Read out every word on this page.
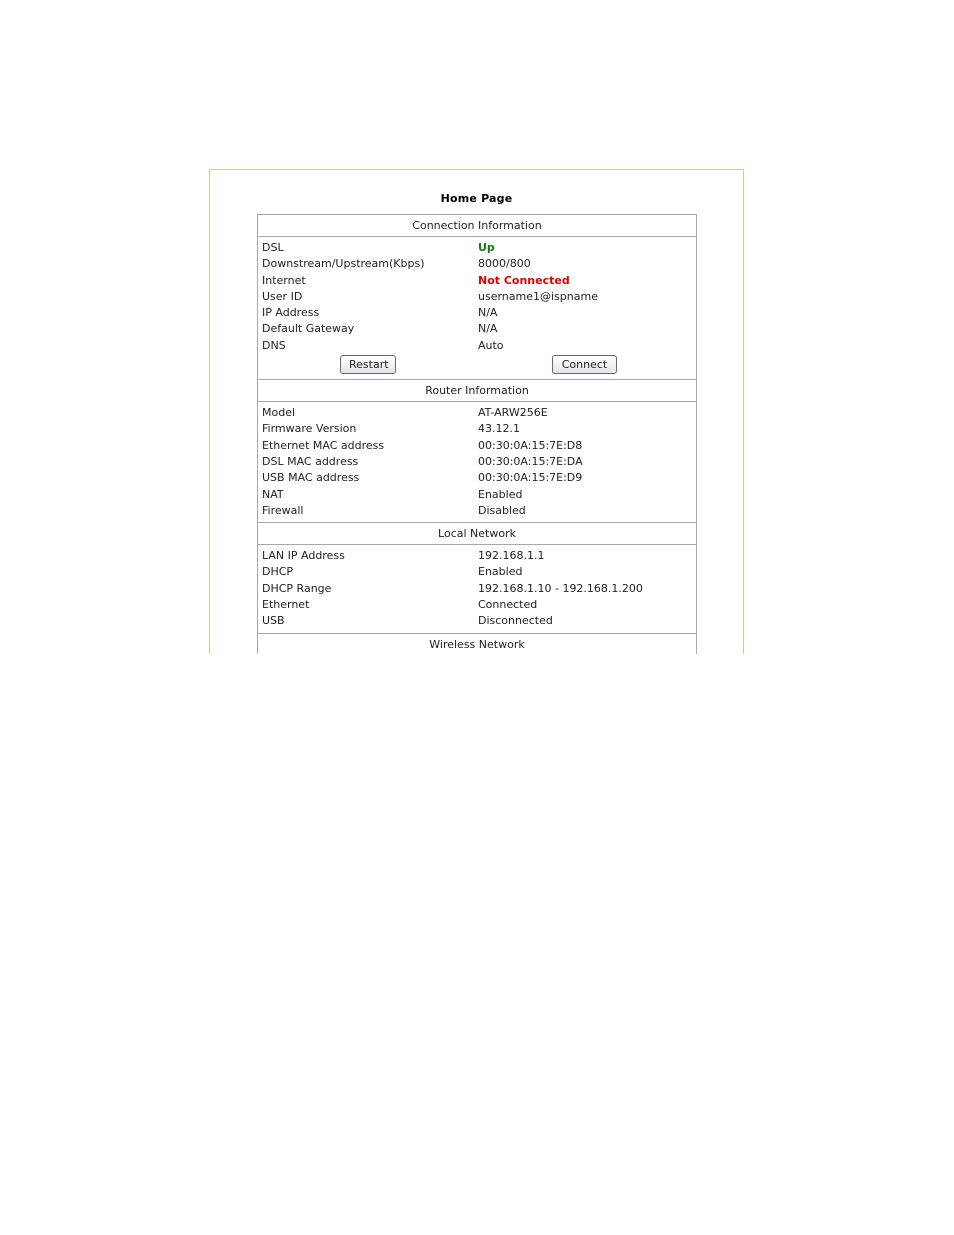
Home Page
Connection Information
DSL	Up
Downstream/Upstream(Kbps)	8000/800
Internet	Not Connected
User ID	username1@ispname
IP Address	N/A
Default Gateway	N/A
DNS	Auto
Restart	Connect
Router Information
Model	AT-ARW256E
Firmware Version	43.12.1
Ethernet MAC address	00:30:0A:15:7E:D8
DSL MAC address	00:30:0A:15:7E:DA
USB MAC address	00:30:0A:15:7E:D9
NAT	Enabled
Firewall	Disabled
Local Network
LAN IP Address	192.168.1.1
DHCP	Enabled
DHCP Range	192.168.1.10 - 192.168.1.200
Ethernet	Connected
USB	Disconnected
Wireless Network
